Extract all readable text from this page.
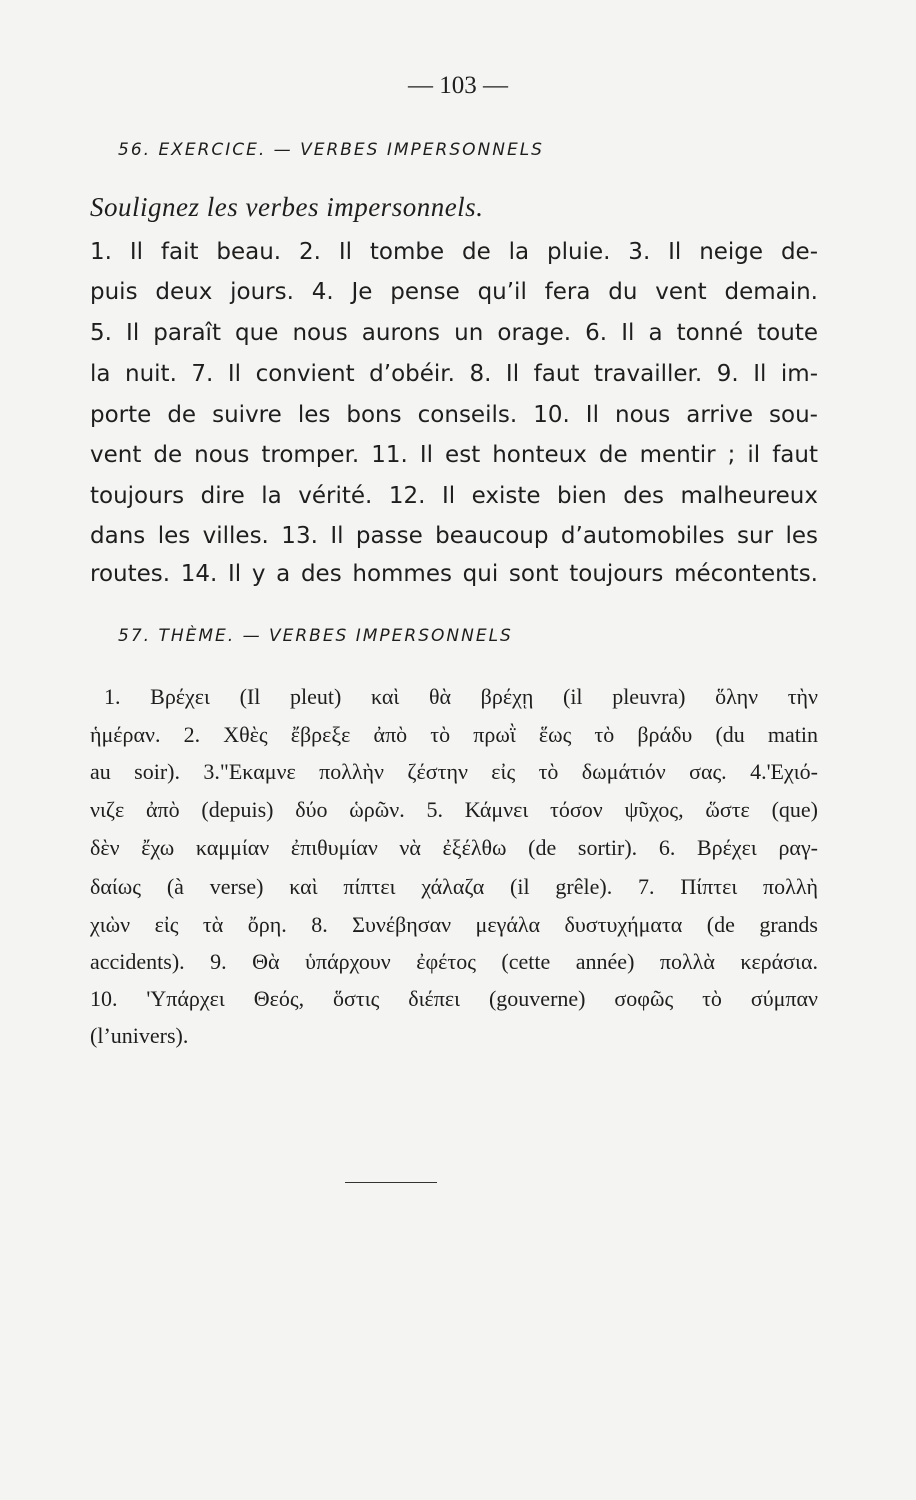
— 103 —
56. EXERCICE. — VERBES IMPERSONNELS
Soulignez les verbes impersonnels.
1. Il fait beau. 2. Il tombe de la pluie. 3. Il neige de-
puis deux jours. 4. Je pense qu’il fera du vent demain.
5. Il paraît que nous aurons un orage. 6. Il a tonné toute
la nuit. 7. Il convient d’obéir. 8. Il faut travailler. 9. Il im-
porte de suivre les bons conseils. 10. Il nous arrive sou-
vent de nous tromper. 11. Il est honteux de mentir ; il faut
toujours dire la vérité. 12. Il existe bien des malheureux
dans les villes. 13. Il passe beaucoup d’automobiles sur les
routes. 14. Il y a des hommes qui sont toujours mécontents.
57. THÈME. — VERBES IMPERSONNELS
1. Βρέχει (Il pleut) καὶ θὰ βρέχῃ (il pleuvra) ὅλην τὴν
ἡμέραν. 2. Χθὲς ἔβρεξε ἀπὸ τὸ πρωῒ ἕως τὸ βράδυ (du matin
au soir). 3."Εκαμνε πολλὴν ζέστην εἰς τὸ δωμάτιόν σας. 4.'Εχιό-
νιζε ἀπὸ (depuis) δύο ὡρῶν. 5. Κάμνει τόσον ψῦχος, ὥστε (que)
δὲν ἔχω καμμίαν ἐπιθυμίαν νὰ ἐξέλθω (de sortir). 6. Βρέχει ραγ-
δαίως (à verse) καὶ πίπτει χάλαζα (il grêle). 7. Πίπτει πολλὴ
χιὼν εἰς τὰ ὄρη. 8. Συνέβησαν μεγάλα δυστυχήματα (de grands
accidents). 9. Θὰ ὑπάρχουν ἐφέτος (cette année) πολλὰ κεράσια.
10. 'Υπάρχει Θεός, ὅστις διέπει (gouverne) σοφῶς τὸ σύμπαν
(l’univers).
